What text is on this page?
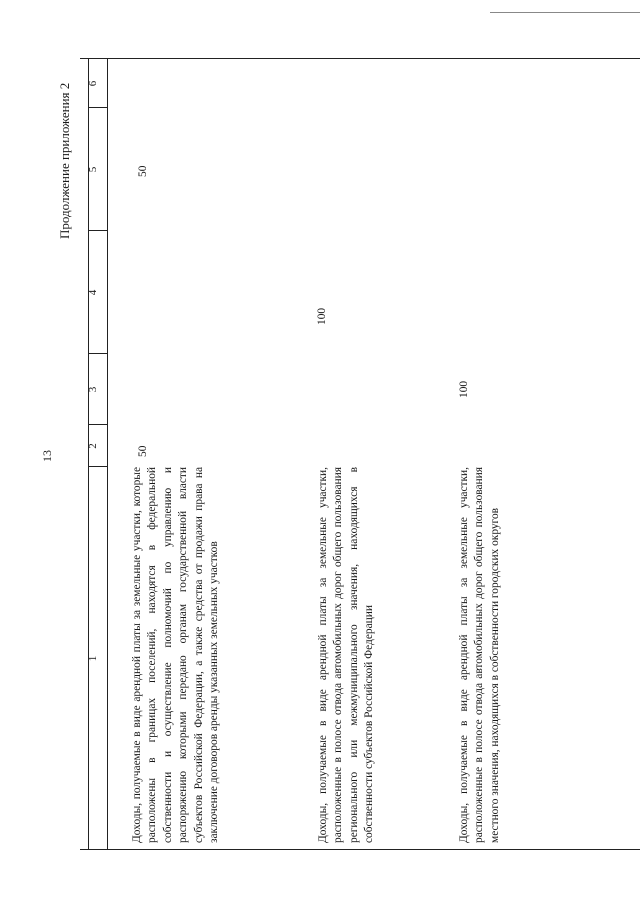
13
Продолжение приложения 2
1
2
3
4
5
6
Доходы, получаемые в виде арендной платы за земельные участки, которые расположены в границах поселений, находятся в федеральной собственности и осуществление полномочий по управлению и распоряжению которыми передано органам государственной власти субъектов Российской Федерации, а также средства от продажи права на заключение договоров аренды указанных земельных участков
50
50
Доходы, получаемые в виде арендной платы за земельные участки, расположенные в полосе отвода автомобильных дорог общего пользования регионального или межмуниципального значения, находящихся в собственности субъектов Российской Федерации
100
Доходы, получаемые в виде арендной платы за земельные участки, расположенные в полосе отвода автомобильных дорог общего пользования местного значения, находящихся в собственности городских округов
100
